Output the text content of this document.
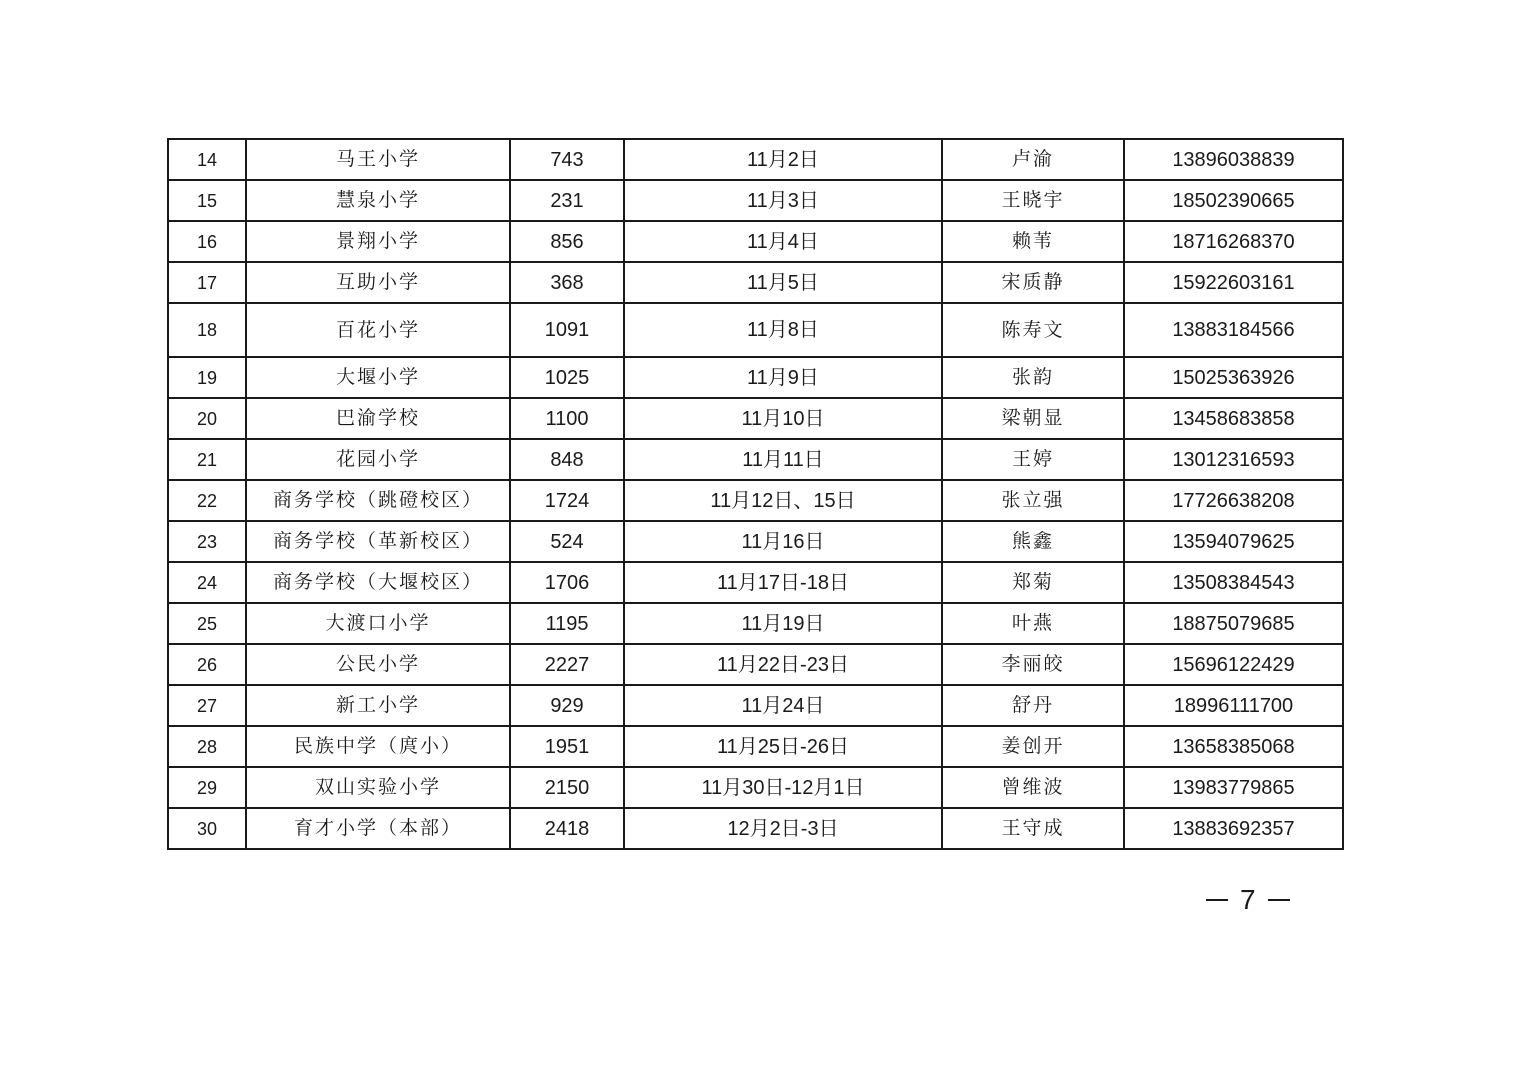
14	马王小学	743	11月2日	卢渝	13896038839
15	慧泉小学	231	11月3日	王晓宇	18502390665
16	景翔小学	856	11月4日	赖苇	18716268370
17	互助小学	368	11月5日	宋质静	15922603161
18	百花小学	1091	11月8日	陈寿文	13883184566
19	大堰小学	1025	11月9日	张韵	15025363926
20	巴渝学校	1100	11月10日	梁朝显	13458683858
21	花园小学	848	11月11日	王婷	13012316593
22	商务学校（跳磴校区）	1724	11月12日、15日	张立强	17726638208
23	商务学校（革新校区）	524	11月16日	熊鑫	13594079625
24	商务学校（大堰校区）	1706	11月17日-18日	郑菊	13508384543
25	大渡口小学	1195	11月19日	叶燕	18875079685
26	公民小学	2227	11月22日-23日	李丽皎	15696122429
27	新工小学	929	11月24日	舒丹	18996111700
28	民族中学（庹小）	1951	11月25日-26日	姜创开	13658385068
29	双山实验小学	2150	11月30日-12月1日	曾维波	13983779865
30	育才小学（本部）	2418	12月2日-3日	王守成	13883692357
7
